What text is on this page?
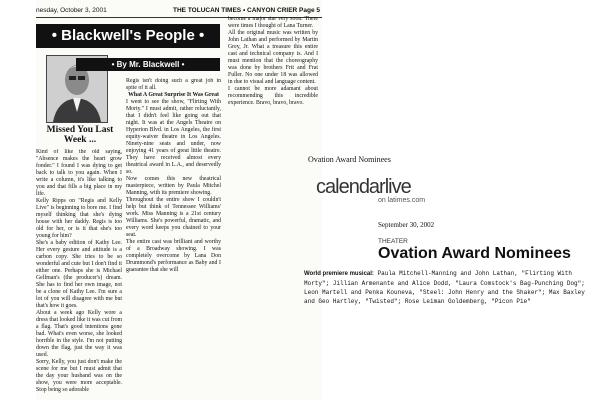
nesday, October 3, 2001	THE TOLUCAN TIMES • CANYON CRIER Page 5
• Blackwell's People •
• By Mr. Blackwell •
Missed You Last Week ...

Kind of like the old saying, "Absence makes the heart grow fonder." I found I was dying to get back to talk to you again. When I write a column, it's like talking to you and that fills a big place in my life.

Kelly Ripps on "Regis and Kelly Live" is beginning to bore me. I find myself thinking that she's dying house with her daddy. Regis is too old for her, or is it that she's too young for him?

She's a baby edition of Kathy Lee. Her every gesture and attitude is a carbon copy. She tries to be so wonderful and cute but I don't find it either one. Perhaps she is Michael Gelfman's (the producer's) dream. She has to find her own image, not be a clone of Kathy Lee. I'm sure a lot of you will disagree with me but that's how it goes.

About a week ago Kelly wore a dress that looked like it was cut from a flag. That's good intentions gone bad. What's even worse, she looked horrible in the style. I'm not putting down the flag, just the way it was used.

Sorry, Kelly, you just don't make the scene for me but I must admit that the day your husband was on the show, you were more acceptable. Stop being so adorable

Regis isn't doing such a great job in spite of it all.

What A Great Surprise It Was Great

I went to see the show, "Flirting With Morty." I must admit, rather reluctantly, that I didn't feel like going out that night. It was at the Angels Theatre on Hyperion Blvd. in Los Angeles, the first equity-waiver theatre in Los Angeles. Ninety-nine seats and under, now enjoying 41 years of great little theatre. They have received almost every theatrical award in L.A., and deservedly so.

Now comes this new theatrical masterpiece, written by Paula Mitchel Manning, with its premiere showing.

Throughout the entire show I couldn't help but think of Tennessee Williams' work. Miss Manning is a 21st century Williams. She's powerful, dramatic, and every word keeps you chained to your seat.

The entire cast was brilliant and worthy of a Broadway showing. I was completely overcome by Lana Don Drummond's performance as Baby and I guarantee that she will

become a major star very soon. There were times I thought of Lana Turner.

All the original music was written by John Lathan and performed by Martin Grey, Jr. What a treasure this entire cast and technical company is. And I must mention that the choreography was done by brothers Frit and Frat Fuller. No one under 18 was allowed in due to visual and language content.

I cannot be more adamant about recommending this incredible experience. Bravo, bravo, bravo.

Ovation Award Nominees
calendarlive
on latimes.com
September 30, 2002
THEATER
Ovation Award Nominees
World premiere musical: Paula Mitchell-Manning and John Lathan, "Flirting With Morty"; Jillian Armenante and Alice Dodd, "Laura Comstock's Bag-Punching Dog"; Leon Martell and Penka Kouneva, "Steel: John Henry and the Shaker"; Max Baxley and Geo Hartley, "Twisted"; Rose Leiman Goldemberg, "Picon Pie"
